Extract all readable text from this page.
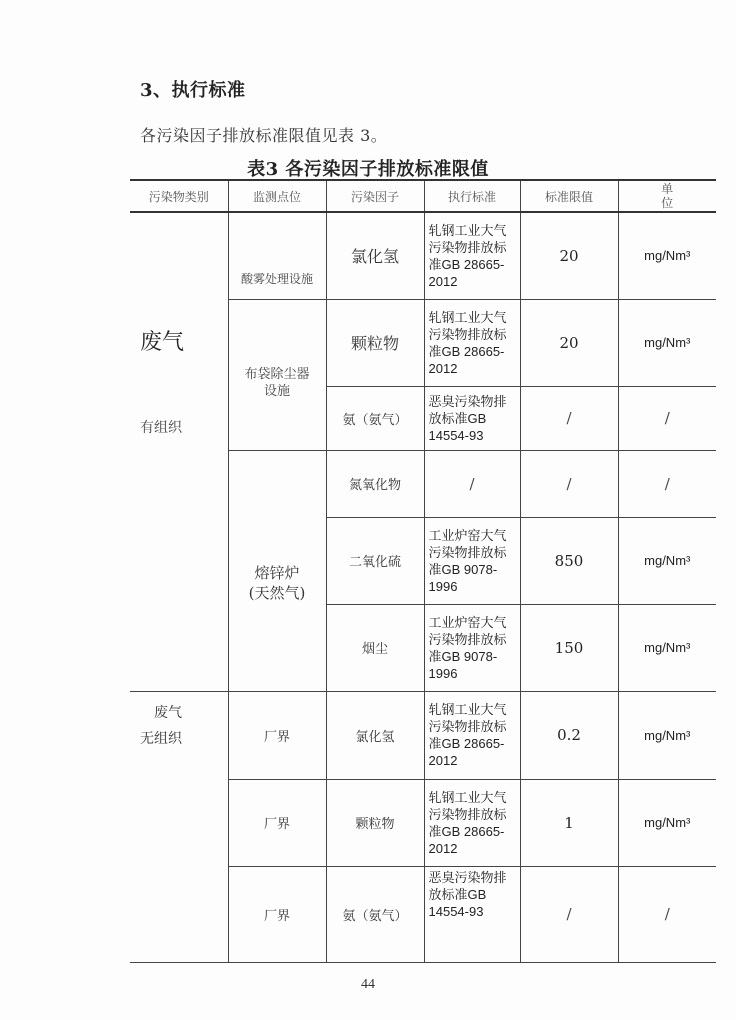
3、执行标准
各污染因子排放标准限值见表 3。
表3 各污染因子排放标准限值
污染物类别	监测点位	污染因子	执行标准	标准限值	单
位

废气
有组织	酸雾处理设施	氯化氢	轧钢工业大气污染物排放标准GB 28665-2012	20	mg/Nm³

	布袋除尘器
设施	颗粒物	轧钢工业大气污染物排放标准GB 28665-2012	20	mg/Nm³
		氨（氨气）	恶臭污染物排放标准GB 14554-93	/	/

	熔锌炉
(天然气)	氮氧化物	/	/	/
		二氧化硫	工业炉窑大气污染物排放标准GB 9078-1996	850	mg/Nm³
		烟尘	工业炉窑大气污染物排放标准GB 9078-1996	150	mg/Nm³

废气
无组织	厂界	氯化氢	轧钢工业大气污染物排放标准GB 28665-2012	0.2	mg/Nm³
	厂界	颗粒物	轧钢工业大气污染物排放标准GB 28665-2012	1	mg/Nm³
	厂界	氨（氨气）	恶臭污染物排放标准GB 14554-93	/	/
44
